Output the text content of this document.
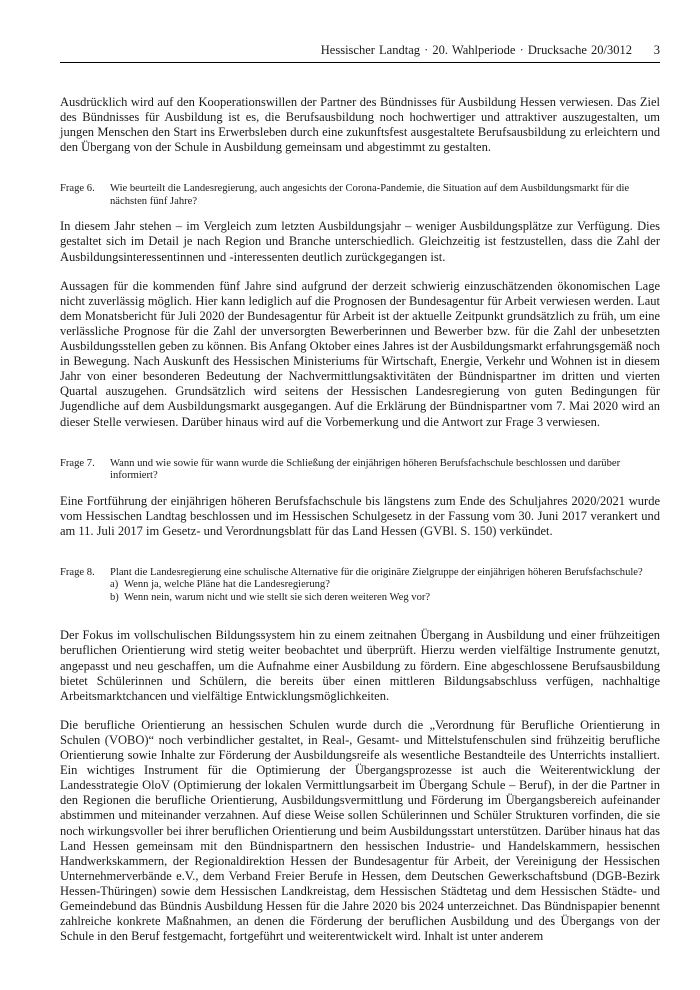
Hessischer Landtag · 20. Wahlperiode · Drucksache 20/3012 3

Ausdrücklich wird auf den Kooperationswillen der Partner des Bündnisses für Ausbildung Hessen verwiesen. Das Ziel des Bündnisses für Ausbildung ist es, die Berufsausbildung noch hochwertiger und attraktiver auszugestalten, um jungen Menschen den Start ins Erwerbsleben durch eine zukunftsfest ausgestaltete Berufsausbildung zu erleichtern und den Übergang von der Schule in Ausbildung gemeinsam und abgestimmt zu gestalten.

Frage 6.	Wie beurteilt die Landesregierung, auch angesichts der Corona-Pandemie, die Situation auf dem Ausbildungsmarkt für die nächsten fünf Jahre?

In diesem Jahr stehen – im Vergleich zum letzten Ausbildungsjahr – weniger Ausbildungsplätze zur Verfügung. Dies gestaltet sich im Detail je nach Region und Branche unterschiedlich. Gleichzeitig ist festzustellen, dass die Zahl der Ausbildungsinteressentinnen und -interessenten deutlich zurückgegangen ist.

Aussagen für die kommenden fünf Jahre sind aufgrund der derzeit schwierig einzuschätzenden ökonomischen Lage nicht zuverlässig möglich. Hier kann lediglich auf die Prognosen der Bundesagentur für Arbeit verwiesen werden. Laut dem Monatsbericht für Juli 2020 der Bundesagentur für Arbeit ist der aktuelle Zeitpunkt grundsätzlich zu früh, um eine verlässliche Prognose für die Zahl der unversorgten Bewerberinnen und Bewerber bzw. für die Zahl der unbesetzten Ausbildungsstellen geben zu können. Bis Anfang Oktober eines Jahres ist der Ausbildungsmarkt erfahrungsgemäß noch in Bewegung. Nach Auskunft des Hessischen Ministeriums für Wirtschaft, Energie, Verkehr und Wohnen ist in diesem Jahr von einer besonderen Bedeutung der Nachvermittlungsaktivitäten der Bündnispartner im dritten und vierten Quartal auszugehen. Grundsätzlich wird seitens der Hessischen Landesregierung von guten Bedingungen für Jugendliche auf dem Ausbildungsmarkt ausgegangen. Auf die Erklärung der Bündnispartner vom 7. Mai 2020 wird an dieser Stelle verwiesen. Darüber hinaus wird auf die Vorbemerkung und die Antwort zur Frage 3 verwiesen.

Frage 7.	Wann und wie sowie für wann wurde die Schließung der einjährigen höheren Berufsfachschule beschlossen und darüber informiert?

Eine Fortführung der einjährigen höheren Berufsfachschule bis längstens zum Ende des Schuljahres 2020/2021 wurde vom Hessischen Landtag beschlossen und im Hessischen Schulgesetz in der Fassung vom 30. Juni 2017 verankert und am 11. Juli 2017 im Gesetz- und Verordnungsblatt für das Land Hessen (GVBl. S. 150) verkündet.

Frage 8.	Plant die Landesregierung eine schulische Alternative für die originäre Zielgruppe der einjährigen höheren Berufsfachschule?
a) Wenn ja, welche Pläne hat die Landesregierung?
b) Wenn nein, warum nicht und wie stellt sie sich deren weiteren Weg vor?

Der Fokus im vollschulischen Bildungssystem hin zu einem zeitnahen Übergang in Ausbildung und einer frühzeitigen beruflichen Orientierung wird stetig weiter beobachtet und überprüft. Hierzu werden vielfältige Instrumente genutzt, angepasst und neu geschaffen, um die Aufnahme einer Ausbildung zu fördern. Eine abgeschlossene Berufsausbildung bietet Schülerinnen und Schülern, die bereits über einen mittleren Bildungsabschluss verfügen, nachhaltige Arbeitsmarktchancen und vielfältige Entwicklungsmöglichkeiten.

Die berufliche Orientierung an hessischen Schulen wurde durch die „Verordnung für Berufliche Orientierung in Schulen (VOBO)“ noch verbindlicher gestaltet, in Real-, Gesamt- und Mittelstufenschulen sind frühzeitig berufliche Orientierung sowie Inhalte zur Förderung der Ausbildungsreife als wesentliche Bestandteile des Unterrichts installiert. Ein wichtiges Instrument für die Optimierung der Übergangsprozesse ist auch die Weiterentwicklung der Landesstrategie OloV (Optimierung der lokalen Vermittlungsarbeit im Übergang Schule – Beruf), in der die Partner in den Regionen die berufliche Orientierung, Ausbildungsvermittlung und Förderung im Übergangsbereich aufeinander abstimmen und miteinander verzahnen. Auf diese Weise sollen Schülerinnen und Schüler Strukturen vorfinden, die sie noch wirkungsvoller bei ihrer beruflichen Orientierung und beim Ausbildungsstart unterstützen. Darüber hinaus hat das Land Hessen gemeinsam mit den Bündnispartnern den hessischen Industrie- und Handelskammern, hessischen Handwerkskammern, der Regionaldirektion Hessen der Bundesagentur für Arbeit, der Vereinigung der Hessischen Unternehmerverbände e.V., dem Verband Freier Berufe in Hessen, dem Deutschen Gewerkschaftsbund (DGB-Bezirk Hessen-Thüringen) sowie dem Hessischen Landkreistag, dem Hessischen Städtetag und dem Hessischen Städte- und Gemeindebund das Bündnis Ausbildung Hessen für die Jahre 2020 bis 2024 unterzeichnet. Das Bündnispapier benennt zahlreiche konkrete Maßnahmen, an denen die Förderung der beruflichen Ausbildung und des Übergangs von der Schule in den Beruf festgemacht, fortgeführt und weiterentwickelt wird. Inhalt ist unter anderem
